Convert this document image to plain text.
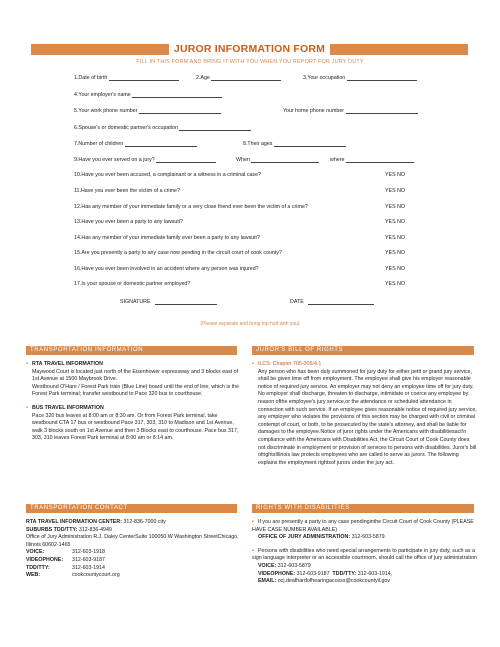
JUROR INFORMATION FORM
FILL IN THIS FORM AND BRING IT WITH YOU WHEN YOU REPORT FOR JURY DUTY
1.Date of birth	2.Age	3.Your occupation
4.Your employer's name
5.Your work phone number	Your home phone number
6.Spouse's or domestic partner's occupation
7.Number of children	8.Their ages
9.Have you ever served on a jury?	When	where
10.Have you ever been accused, a complainant or a witness in a criminal case?	YES NO
11.Have you ever been the victim of a crime?	YES NO
12.Has any member of your immediate family or a very close friend ever been the victim of a crime?	YES NO
13.Have you ever been a party to any lawsuit?	YES NO
14.Has any member of your immediate family ever been a party to any lawsuit?	YES NO
15.Are you presently a party to any case now pending in the circuit court of cook county?	YES NO
16.Have you ever been involved in an accident where any person was injured?	YES NO
17.Is your spouse or domestic partner employed?	YES NO
SIGNATURE	DATE
(Please separate and bring top half with you)
TRANSPORTATION INFORMATION
• RTA TRAVEL INFORMATION
Maywood Court is located just north of the Eisenhower expressway and 3 blocks east of 1st Avenue at 1500 Maybrook Drive.
Westbound O'Hare / Forest Park train (Blue Line) board until the end of line, which is the Forest Park terminal; transfer westbound to Pace 320 bus to courthouse.
• BUS TRAVEL INFORMATION
Pace 320 bus leaves at 8:00 am or 8:30 am. Or from Forest Park terminal, take westbound CTA 17 bus or westbound Pace 317, 303, 310 to Madison and 1st Avenue, walk 3 blocks south on 1st Avenue and then 3 Blocks east to courthouse. Pace bus 317, 303, 310 leaves Forest Park terminal at 8:00 am or 8:14 am.
TRANSPORTATION CONTACT
RTA TRAVEL INFORMATION CENTER: 312-836-7000 city
SUBURBS TDD/TTY: 312-836-4949
Office of Jury Administration R.J. Daley CenterSuite 100050 W Washington StreetChicago, Illinois 60602-1465
VOICE:	312-603-1918
VIDEOPHONE:	312-603-9187
TDD/TTY:	312-603-1914
WEB:	cookcountycourt.org
JUROR'S BILL OF RIGHTS
• ILCS: Chapter 705-305/4.1
Any person who has been duly summoned for jury duty for either petit or grand jury service, shall be given time off from employment. The employee shall give his employer reasonable notice of required jury service. An employer may not deny an employee time off for jury duty. No employer shall discharge, threaten to discharge, intimidate or coerce any employee by reason ofthe employee's jury service,or the attendance or scheduled attendance in connection with such service. If an employee gives reasonable notice of required jury service, any employer who violates the provisions of this section may be charged with civil or criminal contempt of court, or both, to be prosecuted by the state's attorney, and shall be liable for damages to the employee.Notice of juror rights under the Americans with disabilitiesact!n compliance with the Americans with Disabilities Act, the Circuit Court of Cook County does not discriminate in employment or provision of services to persons with disabilities. Juror's bill ofrightsIllinois law protects employees who are called to serve as jurors. The following explains the employment rightsof jurors under the jury act.
RIGHTS WITH DISABILITIES
• If you are presently a party to any case pendinginthe Circuit Court of Cook County (PLEASE HAVE CASE NUMBER AVAILABLE)
OFFICE OF JURY ADMINISTRATION: 312-603-5879.
• Persons with disabilities who need special arrangements to participate in jury duty, such as a sign language interpreter or an accessible courtroom, should call the office of jury administration
VOICE: 312-603-5879
VIDEOPHONE: 312-603-9187 TDD/TTY: 312-603-1914,
EMAIL: ocj.deafhardofhearingaccess@cookcountyil.gov
